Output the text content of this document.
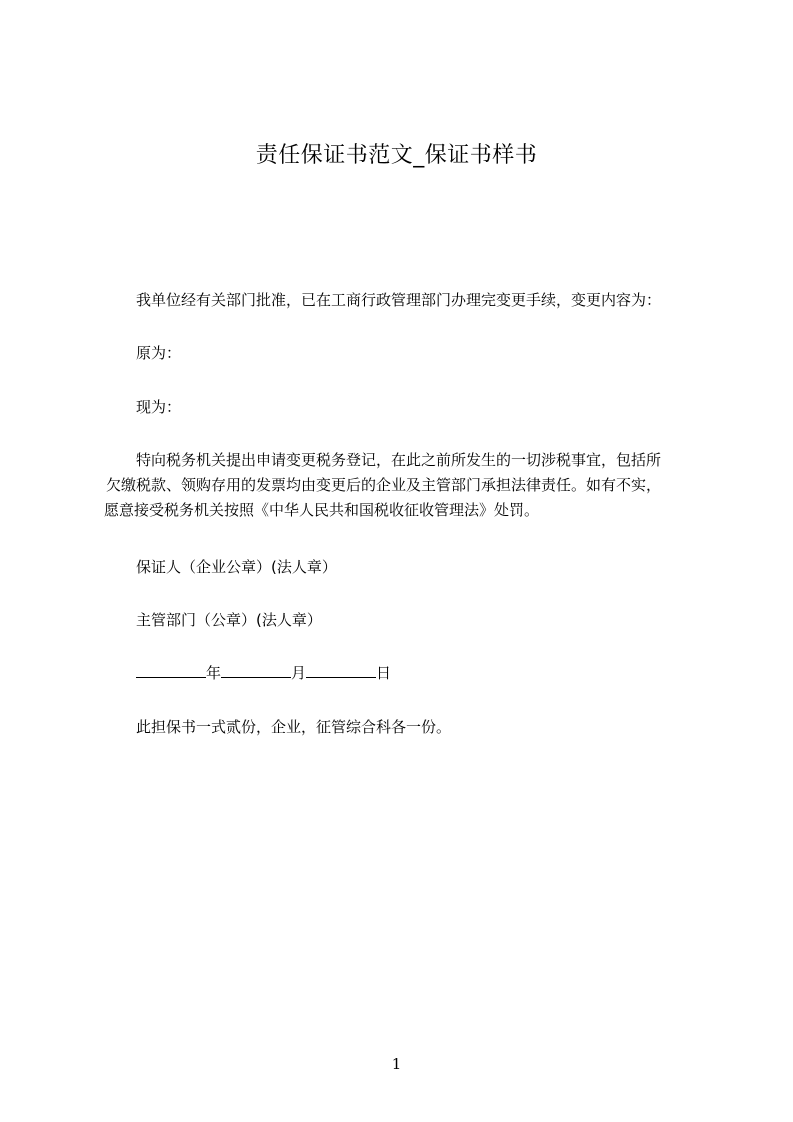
责任保证书范文_保证书样书
我单位经有关部门批准，已在工商行政管理部门办理完变更手续，变更内容为：
原为：
现为：
特向税务机关提出申请变更税务登记，在此之前所发生的一切涉税事宜，包括所
欠缴税款、领购存用的发票均由变更后的企业及主管部门承担法律责任。如有不实，
愿意接受税务机关按照《中华人民共和国税收征收管理法》处罚。
保证人（企业公章）(法人章）
主管部门（公章）(法人章）
年	月	日
此担保书一式贰份，企业，征管综合科各一份。
1
